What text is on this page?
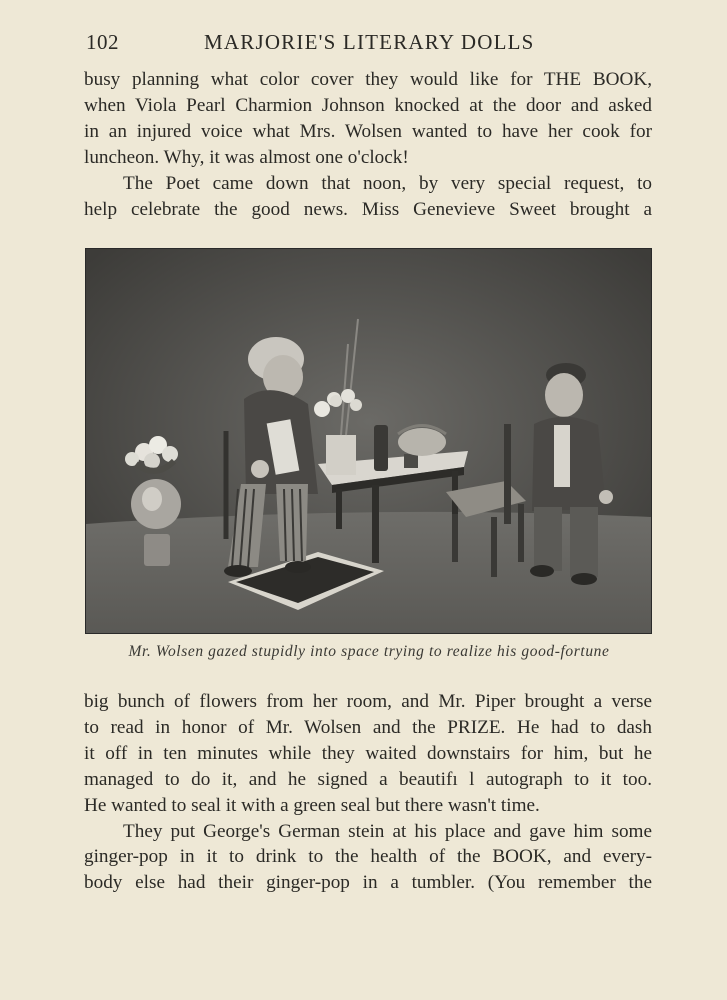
102	MARJORIE'S LITERARY DOLLS

busy planning what color cover they would like for THE BOOK,
when Viola Pearl Charmion Johnson knocked at the door and asked
in an injured voice what Mrs. Wolsen wanted to have her cook for
luncheon. Why, it was almost one o'clock!

The Poet came down that noon, by very special request, to
help celebrate the good news. Miss Genevieve Sweet brought a

Mr. Wolsen gazed stupidly into space trying to realize his good-fortune

big bunch of flowers from her room, and Mr. Piper brought a verse
to read in honor of Mr. Wolsen and the PRIZE. He had to dash
it off in ten minutes while they waited downstairs for him, but he
managed to do it, and he signed a beautifı l autograph to it too.
He wanted to seal it with a green seal but there wasn't time.

They put George's German stein at his place and gave him some
ginger-pop in it to drink to the health of the BOOK, and every-
body else had their ginger-pop in a tumbler. (You remember the
